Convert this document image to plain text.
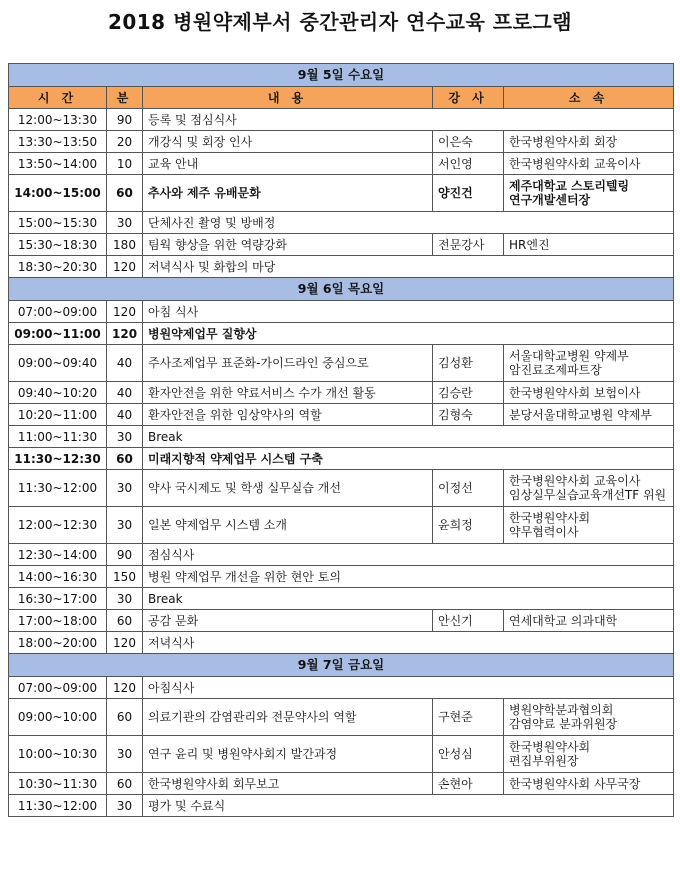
2018 병원약제부서 중간관리자 연수교육 프로그램
9월 5일 수요일				
시 간	분	내 용	강 사	소 속
12:00~13:30	90	등록 및 점심식사		
13:30~13:50	20	개강식 및 회장 인사	이은숙	한국병원약사회 회장

13:50~14:00	10	교육 안내	서인영	한국병원약사회 교육이사

14:00~15:00	60	추사와 제주 유배문화	양진건	제주대학교 스토리텔링
연구개발센터장

15:00~15:30	30	단체사진 촬영 및 방배정		
15:30~18:30	180	팀웍 향상을 위한 역량강화	전문강사	HR엔진

18:30~20:30	120	저녁식사 및 화합의 마당		
9월 6일 목요일				
07:00~09:00	120	아침 식사		
09:00~11:00	120	병원약제업무 질향상		
09:00~09:40	40	주사조제업무 표준화-가이드라인 중심으로	김성환	서울대학교병원 약제부
암진료조제파트장

09:40~10:20	40	환자안전을 위한 약료서비스 수가 개선 활동	김승란	한국병원약사회 보험이사

10:20~11:00	40	환자안전을 위한 임상약사의 역할	김형숙	분당서울대학교병원 약제부

11:00~11:30	30	Break		
11:30~12:30	60	미래지향적 약제업무 시스템 구축		
11:30~12:00	30	약사 국시제도 및 학생 실무실습 개선	이정선	한국병원약사회 교육이사
임상실무실습교육개선TF 위원

12:00~12:30	30	일본 약제업무 시스템 소개	윤희정	한국병원약사회
약무협력이사

12:30~14:00	90	점심식사		
14:00~16:30	150	병원 약제업무 개선을 위한 현안 토의		
16:30~17:00	30	Break		
17:00~18:00	60	공감 문화	안신기	연세대학교 의과대학

18:00~20:00	120	저녁식사		
9월 7일 금요일				
07:00~09:00	120	아침식사		
09:00~10:00	60	의료기관의 감염관리와 전문약사의 역할	구현준	병원약학분과협의회
감염약료 분과위원장

10:00~10:30	30	연구 윤리 및 병원약사회지 발간과정	안성심	한국병원약사회
편집부위원장

10:30~11:30	60	한국병원약사회 회무보고	손현아	한국병원약사회 사무국장

11:30~12:00	30	평가 및 수료식		
